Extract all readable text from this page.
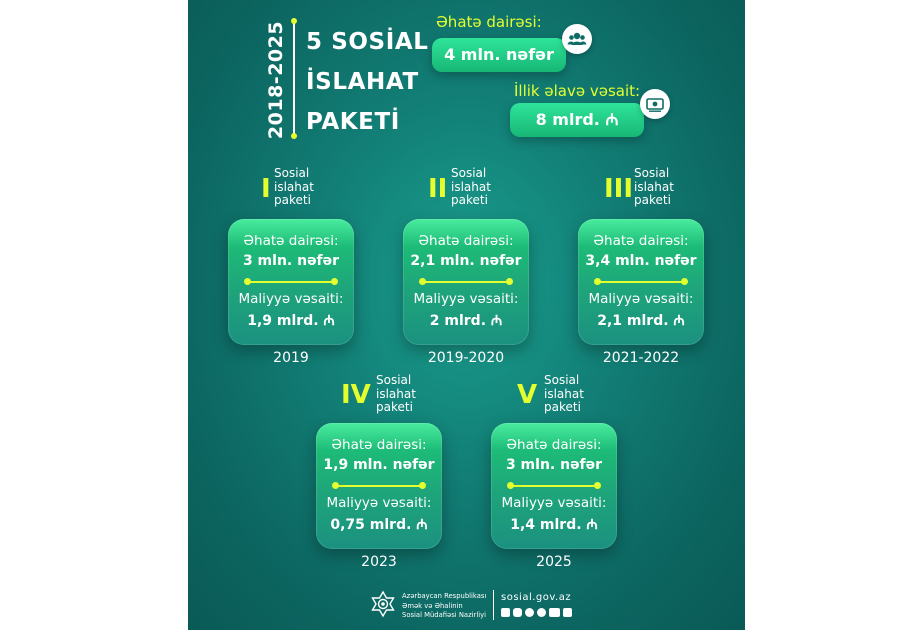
2018-2025 5 SOSİAL
İSLAHAT
PAKETİ
Əhatə dairəsi:
4 mln. nəfər
İllik əlavə vəsait:
8 mlrd. ₼
I
Sosial
islahat
paketi
Əhatə dairəsi:
3 mln. nəfər
Maliyyə vəsaiti:
1,9 mlrd. ₼
2019
II
Sosial
islahat
paketi
Əhatə dairəsi:
2,1 mln. nəfər
Maliyyə vəsaiti:
2 mlrd. ₼
2019-2020
III
Sosial
islahat
paketi
Əhatə dairəsi:
3,4 mln. nəfər
Maliyyə vəsaiti:
2,1 mlrd. ₼
2021-2022
IV Sosial
islahat
paketi
Əhatə dairəsi:
1,9 mln. nəfər
Maliyyə vəsaiti:
0,75 mlrd. ₼
2023
V Sosial
islahat
paketi
Əhatə dairəsi:
3 mln. nəfər
Maliyyə vəsaiti:
1,4 mlrd. ₼
2025
Azərbaycan Respublikası
Əmək və Əhalinin
Sosial Müdafiəsi Nazirliyi
sosial.gov.az
